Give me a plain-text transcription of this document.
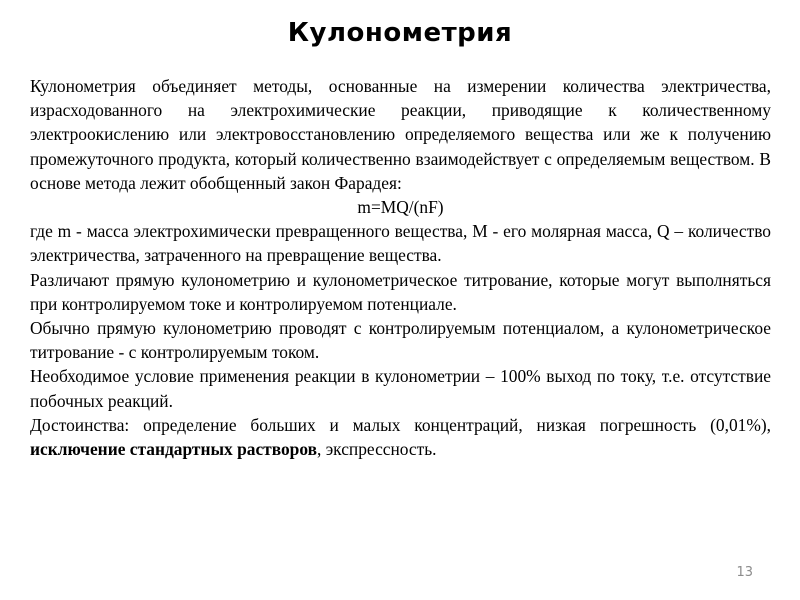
Кулонометрия

Кулонометрия объединяет методы, основанные на измерении количества электричества, израсходованного на электрохимические реакции, приводящие к количественному электроокислению или электровосстановлению определяемого вещества или же к получению промежуточного продукта, который количественно взаимодействует с определяемым веществом. В основе метода лежит обобщенный закон Фарадея:

m=MQ/(nF)

где m - масса электрохимически превращенного вещества, М - его молярная масса, Q – количество электричества, затраченного на превращение вещества.

Различают прямую кулонометрию и кулонометрическое титрование, которые могут выполняться при контролируемом токе и контролируемом потенциале.

Обычно прямую кулонометрию проводят с контролируемым потенциалом, а кулонометрическое титрование - с контролируемым током.

Необходимое условие применения реакции в кулонометрии – 100% выход по току, т.е. отсутствие побочных реакций.

Достоинства: определение больших и малых концентраций, низкая погрешность (0,01%), исключение стандартных растворов, экспрессность.

13
